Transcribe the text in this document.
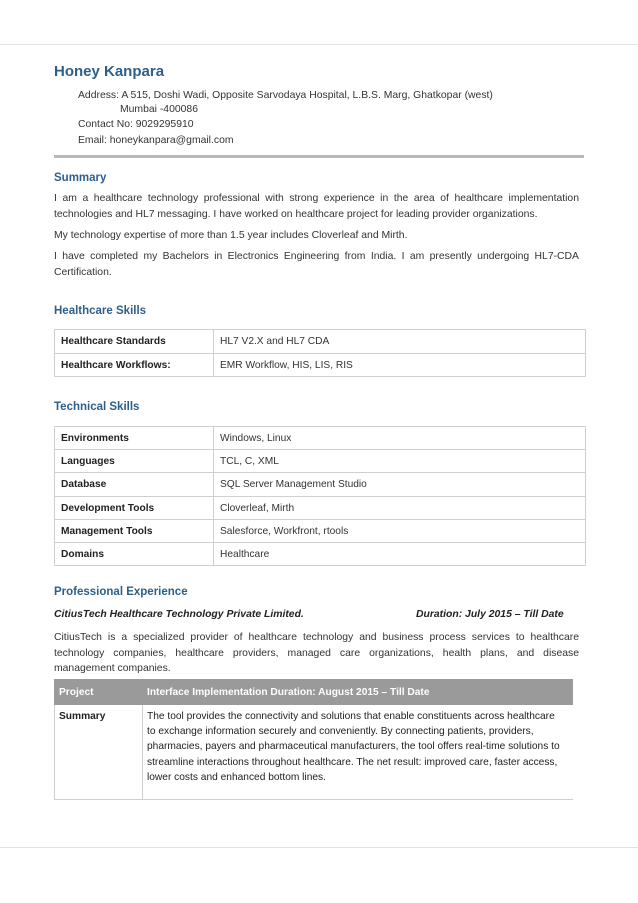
Honey Kanpara
Address: A 515, Doshi Wadi, Opposite Sarvodaya Hospital, L.B.S. Marg, Ghatkopar (west)
Mumbai -400086
Contact No: 9029295910
Email: honeykanpara@gmail.com
Summary
I am a healthcare technology professional with strong experience in the area of healthcare implementation technologies and HL7 messaging. I have worked on healthcare project for leading provider organizations.
My technology expertise of more than 1.5 year includes Cloverleaf and Mirth.
I have completed my Bachelors in Electronics Engineering from India. I am presently undergoing HL7-CDA Certification.
Healthcare Skills
Healthcare Standards	HL7 V2.X and HL7 CDA
Healthcare Workflows:	EMR Workflow, HIS, LIS, RIS
Technical Skills
Environments	Windows, Linux
Languages	TCL, C, XML
Database	SQL Server Management Studio
Development Tools	Cloverleaf, Mirth
Management Tools	Salesforce, Workfront, rtools
Domains	Healthcare
Professional Experience
CitiusTech Healthcare Technology Private Limited.	Duration: July 2015 – Till Date
CitiusTech is a specialized provider of healthcare technology and business process services to healthcare technology companies, healthcare providers, managed care organizations, health plans, and disease management companies.
Project	Interface Implementation Duration: August 2015 – Till Date
Summary	The tool provides the connectivity and solutions that enable constituents across healthcare to exchange information securely and conveniently. By connecting patients, providers, pharmacies, payers and pharmaceutical manufacturers, the tool offers real-time solutions to streamline interactions throughout healthcare. The net result: improved care, faster access, lower costs and enhanced bottom lines.
